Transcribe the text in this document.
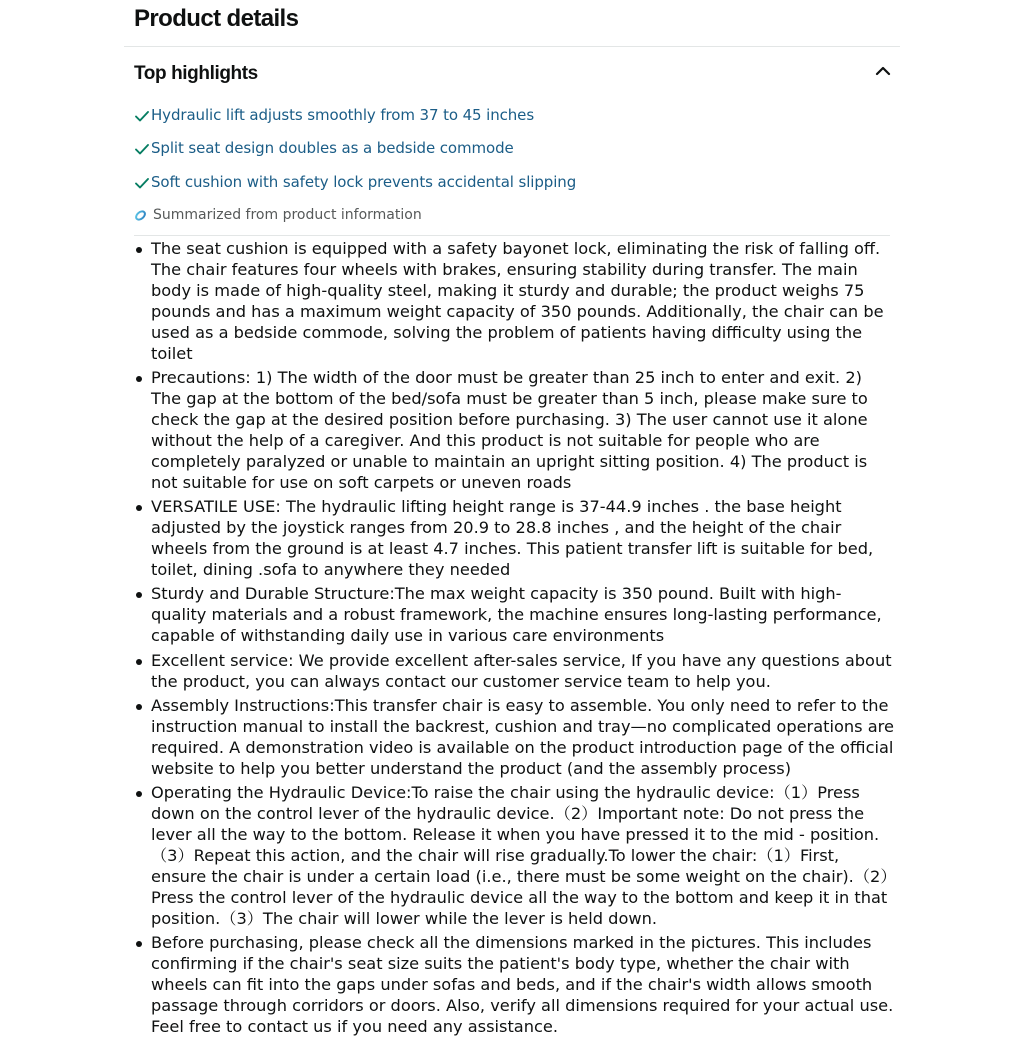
Product details
Top highlights
Hydraulic lift adjusts smoothly from 37 to 45 inches
Split seat design doubles as a bedside commode
Soft cushion with safety lock prevents accidental slipping
Summarized from product information
The seat cushion is equipped with a safety bayonet lock, eliminating the risk of falling off. The chair features four wheels with brakes, ensuring stability during transfer. The main body is made of high-quality steel, making it sturdy and durable; the product weighs 75 pounds and has a maximum weight capacity of 350 pounds. Additionally, the chair can be used as a bedside commode, solving the problem of patients having difficulty using the toilet
Precautions: 1) The width of the door must be greater than 25 inch to enter and exit. 2) The gap at the bottom of the bed/sofa must be greater than 5 inch, please make sure to check the gap at the desired position before purchasing. 3) The user cannot use it alone without the help of a caregiver. And this product is not suitable for people who are completely paralyzed or unable to maintain an upright sitting position. 4) The product is not suitable for use on soft carpets or uneven roads
VERSATILE USE: The hydraulic lifting height range is 37-44.9 inches . the base height adjusted by the joystick ranges from 20.9 to 28.8 inches , and the height of the chair wheels from the ground is at least 4.7 inches. This patient transfer lift is suitable for bed, toilet, dining .sofa to anywhere they needed
Sturdy and Durable Structure:The max weight capacity is 350 pound. Built with high-quality materials and a robust framework, the machine ensures long-lasting performance, capable of withstanding daily use in various care environments
Excellent service: We provide excellent after-sales service, If you have any questions about the product, you can always contact our customer service team to help you.
Assembly Instructions:This transfer chair is easy to assemble. You only need to refer to the instruction manual to install the backrest, cushion and tray—no complicated operations are required. A demonstration video is available on the product introduction page of the official website to help you better understand the product (and the assembly process)
Operating the Hydraulic Device:To raise the chair using the hydraulic device:（1）Press down on the control lever of the hydraulic device.（2）Important note: Do not press the lever all the way to the bottom. Release it when you have pressed it to the mid - position.（3）Repeat this action, and the chair will rise gradually.To lower the chair:（1）First, ensure the chair is under a certain load (i.e., there must be some weight on the chair).（2）Press the control lever of the hydraulic device all the way to the bottom and keep it in that position.（3）The chair will lower while the lever is held down.
Before purchasing, please check all the dimensions marked in the pictures. This includes confirming if the chair's seat size suits the patient's body type, whether the chair with wheels can fit into the gaps under sofas and beds, and if the chair's width allows smooth passage through corridors or doors. Also, verify all dimensions required for your actual use. Feel free to contact us if you need any assistance.
